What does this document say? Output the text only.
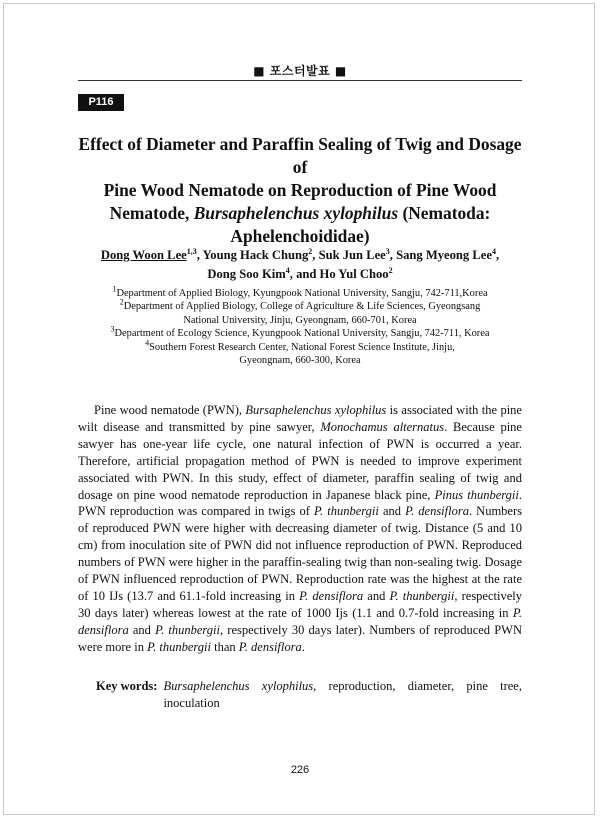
■ 포스터발표 ■
P116
Effect of Diameter and Paraffin Sealing of Twig and Dosage of
Pine Wood Nematode on Reproduction of Pine Wood
Nematode, Bursaphelenchus xylophilus (Nematoda:
Aphelenchoididae)
Dong Woon Lee$^{1,3}$, Young Hack Chung$^2$, Suk Jun Lee$^3$, Sang Myeong Lee$^4$,
Dong Soo Kim$^4$, and Ho Yul Choo$^2$
$^1$Department of Applied Biology, Kyungpook National University, Sangju, 742-711,Korea
$^2$Department of Applied Biology, College of Agriculture & Life Sciences, Gyeongsang
National University, Jinju, Gyeongnam, 660-701, Korea
$^3$Department of Ecology Science, Kyungpook National University, Sangju, 742-711, Korea
$^4$Southern Forest Research Center, National Forest Science Institute, Jinju,
Gyeongnam, 660-300, Korea

Pine wood nematode (PWN), Bursaphelenchus xylophilus is associated with the pine wilt disease and transmitted by pine sawyer, Monochamus alternatus. Because pine sawyer has one-year life cycle, one natural infection of PWN is occurred a year. Therefore, artificial propagation method of PWN is needed to improve experiment associated with PWN. In this study, effect of diameter, paraffin sealing of twig and dosage on pine wood nematode reproduction in Japanese black pine, Pinus thunbergii. PWN reproduction was compared in twigs of P. thunbergii and P. densiflora. Numbers of reproduced PWN were higher with decreasing diameter of twig. Distance (5 and 10 cm) from inoculation site of PWN did not influence reproduction of PWN. Reproduced numbers of PWN were higher in the paraffin-sealing twig than non-sealing twig. Dosage of PWN influenced reproduction of PWN. Reproduction rate was the highest at the rate of 10 IJs (13.7 and 61.1-fold increasing in P. densiflora and P. thunbergii, respectively 30 days later) whereas lowest at the rate of 1000 Ijs (1.1 and 0.7-fold increasing in P. densiflora and P. thunbergii, respectively 30 days later). Numbers of reproduced PWN were more in P. thunbergii than P. densiflora.

Key words: Bursaphelenchus xylophilus, reproduction, diameter, pine tree, inoculation
226
